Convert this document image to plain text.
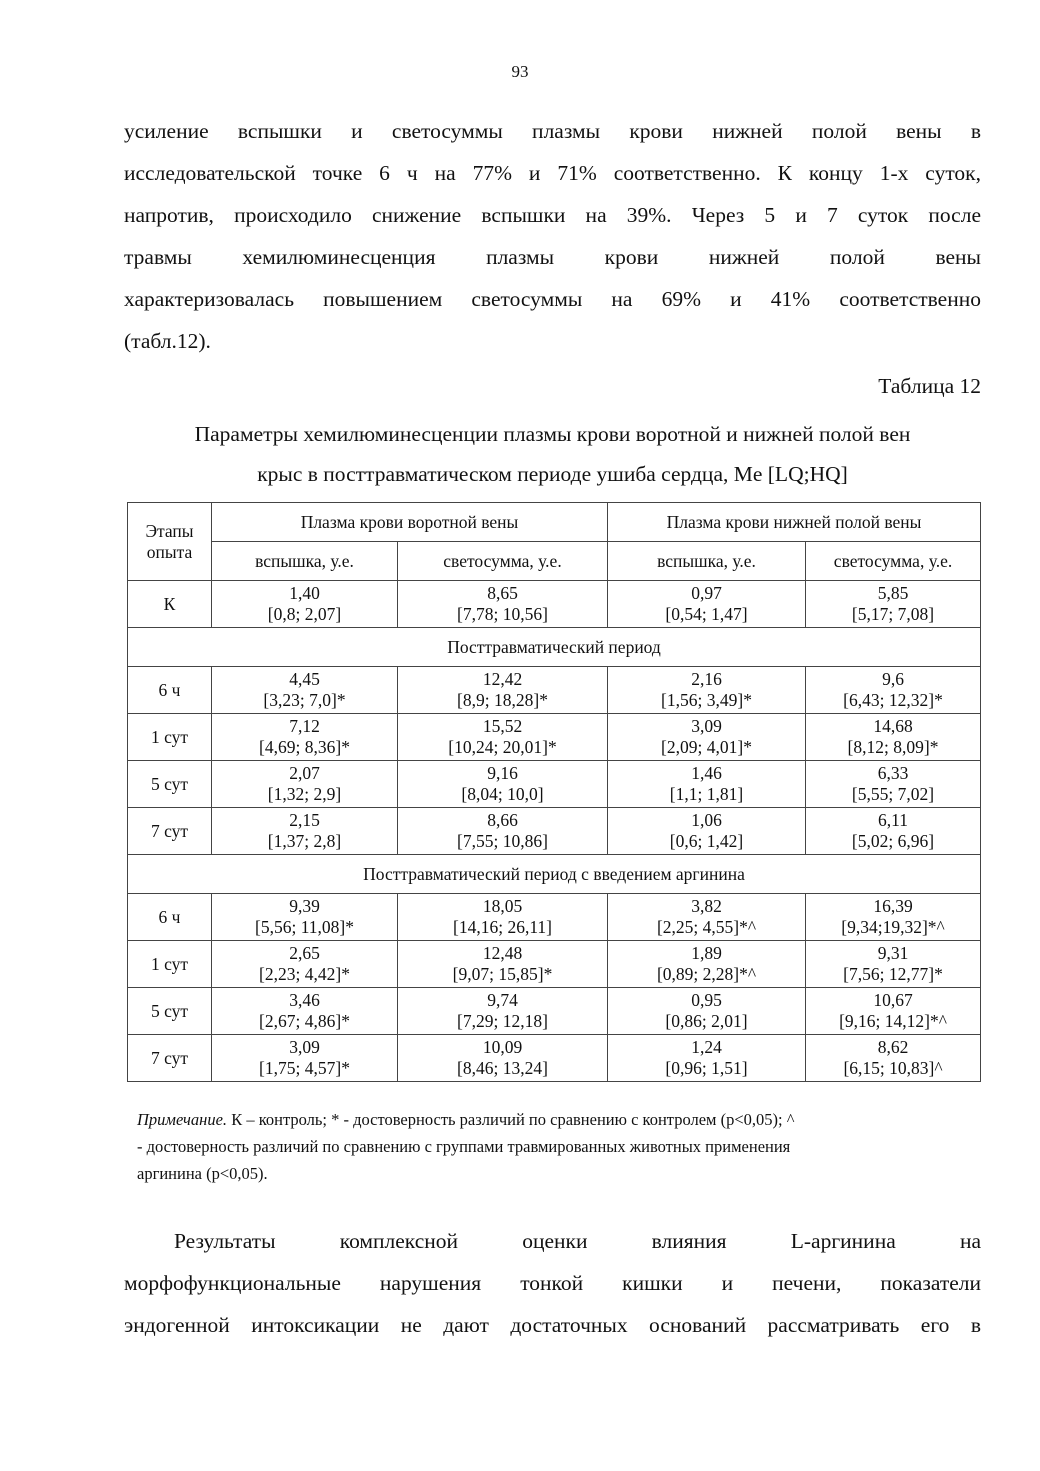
93
усиление вспышки и светосуммы плазмы крови нижней полой вены в
исследовательской точке 6 ч на 77% и 71% соответственно. К концу 1-х суток,
напротив, происходило снижение вспышки на 39%. Через 5 и 7 суток после
травмы хемилюминесценция плазмы крови нижней полой вены
характеризовалась повышением светосуммы на 69% и 41% соответственно
(табл.12).
Таблица 12
Параметры хемилюминесценции плазмы крови воротной и нижней полой вен
крыс в посттравматическом периоде ушиба сердца, Me [LQ;HQ]
Этапы
опыта	Плазма крови воротной вены		Плазма крови нижней полой вены	
	вспышка, у.е.	светосумма, у.е.	вспышка, у.е.	светосумма, у.е.
К	1,40
[0,8; 2,07]	8,65
[7,78; 10,56]	0,97
[0,54; 1,47]	5,85
[5,17; 7,08]

Посттравматический период				
6 ч	4,45
[3,23; 7,0]*	12,42
[8,9; 18,28]*	2,16
[1,56; 3,49]*	9,6
[6,43; 12,32]*

1 сут	7,12
[4,69; 8,36]*	15,52
[10,24; 20,01]*	3,09
[2,09; 4,01]*	14,68
[8,12; 8,09]*

5 сут	2,07
[1,32; 2,9]	9,16
[8,04; 10,0]	1,46
[1,1; 1,81]	6,33
[5,55; 7,02]

7 сут	2,15
[1,37; 2,8]	8,66
[7,55; 10,86]	1,06
[0,6; 1,42]	6,11
[5,02; 6,96]

Посттравматический период с введением аргинина				
6 ч	9,39
[5,56; 11,08]*	18,05
[14,16; 26,11]	3,82
[2,25; 4,55]*^	16,39
[9,34;19,32]*^

1 сут	2,65
[2,23; 4,42]*	12,48
[9,07; 15,85]*	1,89
[0,89; 2,28]*^	9,31
[7,56; 12,77]*

5 сут	3,46
[2,67; 4,86]*	9,74
[7,29; 12,18]	0,95
[0,86; 2,01]	10,67
[9,16; 14,12]*^

7 сут	3,09
[1,75; 4,57]*	10,09
[8,46; 13,24]	1,24
[0,96; 1,51]	8,62
[6,15; 10,83]^
Примечание. К – контроль; * - достоверность различий по сравнению с контролем (p<0,05); ^
- достоверность различий по сравнению с группами травмированных животных применения
аргинина (p<0,05).
Результаты комплексной оценки влияния L-аргинина на
морфофункциональные нарушения тонкой кишки и печени, показатели
эндогенной интоксикации не дают достаточных оснований рассматривать его в
